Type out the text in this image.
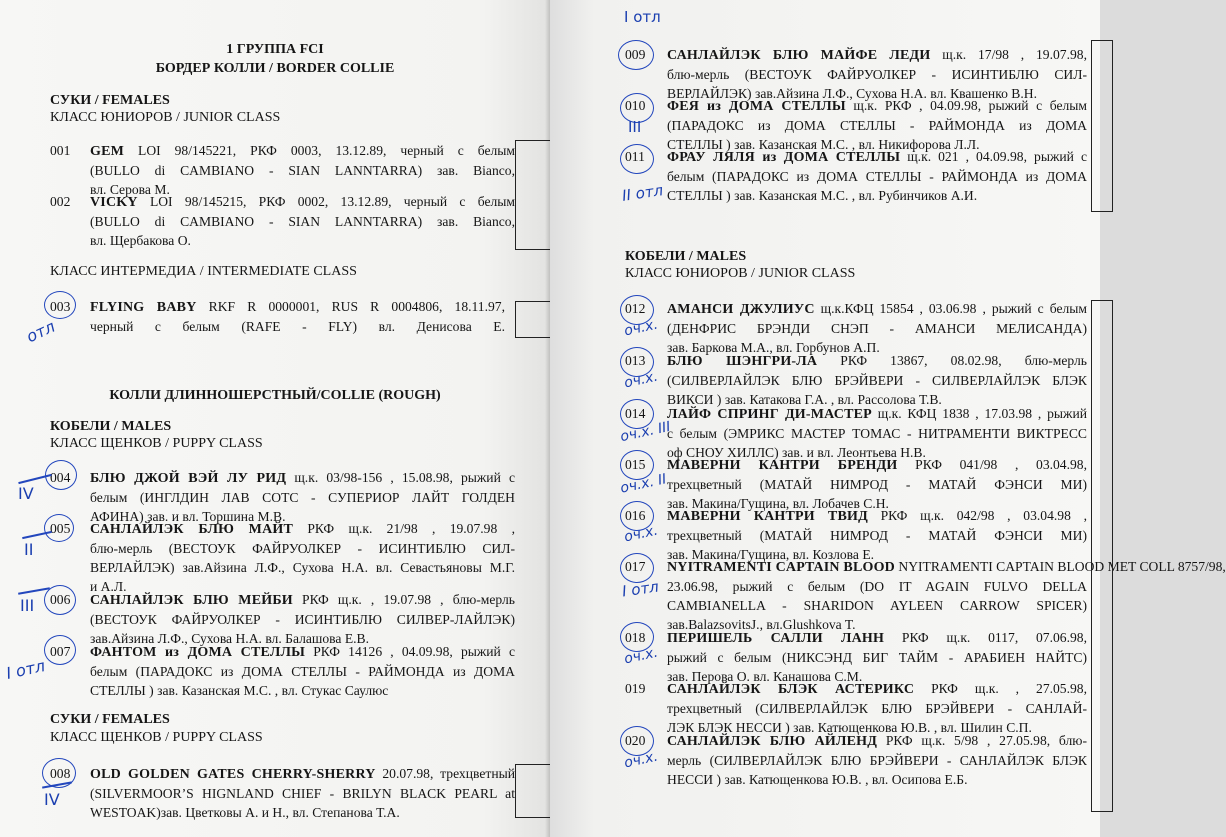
1 ГРУППА FCI
БОРДЕР КОЛЛИ / BORDER COLLIE
СУКИ / FEMALES
КЛАСС ЮНИОРОВ / JUNIOR CLASS
001	GEM LOI 98/145221, РКФ 0003, 13.12.89, черный с белым
(BULLO di CAMBIANO - SIAN LANNTARRA) зав. Bianco,
вл. Серова М.
002	VICKY LOI 98/145215, РКФ 0002, 13.12.89, черный с белым
(BULLO di CAMBIANO - SIAN LANNTARRA) зав. Bianco,
вл. Щербакова О.
КЛАСС ИНТЕРМЕДИА / INTERMEDIATE CLASS
003	FLYING BABY RKF R 0000001, RUS R 0004806, 18.11.97,
черный с белым (RAFE - FLY) вл. Денисова Е.
КОЛЛИ ДЛИННОШЕРСТНЫЙ/COLLIE (ROUGH)
КОБЕЛИ / MALES
КЛАСС ЩЕНКОВ / PUPPY CLASS
004	БЛЮ ДЖОЙ ВЭЙ ЛУ РИД щ.к. 03/98-156 , 15.08.98, рыжий с
белым (ИНГЛДИН ЛАВ СОТС - СУПЕРИОР ЛАЙТ ГОЛДЕН
АФИНА) зав. и вл. Торшина М.В.
005	САНЛАЙЛЭК БЛЮ МАЙТ РКФ щ.к. 21/98 , 19.07.98 ,
блю-мерль (ВЕСТОУК ФАЙРУОЛКЕР - ИСИНТИБЛЮ СИЛ-
ВЕРЛАЙЛЭК) зав.Айзина Л.Ф., Сухова Н.А. вл. Севастьяновы М.Г.
и А.Л.
006	САНЛАЙЛЭК БЛЮ МЕЙБИ РКФ щ.к. , 19.07.98 , блю-мерль
(ВЕСТОУК ФАЙРУОЛКЕР - ИСИНТИБЛЮ СИЛВЕР-ЛАЙЛЭК)
зав.Айзина Л.Ф., Сухова Н.А. вл. Балашова Е.В.
007	ФАНТОМ из ДОМА СТЕЛЛЫ РКФ 14126 , 04.09.98, рыжий с
белым (ПАРАДОКС из ДОМА СТЕЛЛЫ - РАЙМОНДА из ДОМА
СТЕЛЛЫ ) зав. Казанская М.С. , вл. Стукас Саулюс
СУКИ / FEMALES
КЛАСС ЩЕНКОВ / PUPPY CLASS
008	OLD GOLDEN GATES CHERRY-SHERRY 20.07.98, трехцветный
(SILVERMOOR’S HIGNLAND CHIEF - BRILYN BLACK PEARL at
WESTOAK)зав. Цветковы А. и Н., вл. Степанова Т.А.
отл
IV
II
III
I отл
IV
009	САНЛАЙЛЭК БЛЮ МАЙФЕ ЛЕДИ щ.к. 17/98 , 19.07.98,
блю-мерль (ВЕСТОУК ФАЙРУОЛКЕР - ИСИНТИБЛЮ СИЛ-
ВЕРЛАЙЛЭК) зав.Айзина Л.Ф., Сухова Н.А. вл. Квашенко В.Н.
010	ФЕЯ из ДОМА СТЕЛЛЫ щ.к. РКФ , 04.09.98, рыжий с белым
(ПАРАДОКС из ДОМА СТЕЛЛЫ - РАЙМОНДА из ДОМА
СТЕЛЛЫ ) зав. Казанская М.С. , вл. Никифорова Л.Л.
011	ФРАУ ЛЯЛЯ из ДОМА СТЕЛЛЫ щ.к. 021 , 04.09.98, рыжий с
белым (ПАРАДОКС из ДОМА СТЕЛЛЫ - РАЙМОНДА из ДОМА
СТЕЛЛЫ ) зав. Казанская М.С. , вл. Рубинчиков А.И.
КОБЕЛИ / MALES
КЛАСС ЮНИОРОВ / JUNIOR CLASS
012	АМАНСИ ДЖУЛИУС щ.к.КФЦ 15854 , 03.06.98 , рыжий с белым
(ДЕНФРИС БРЭНДИ СНЭП - АМАНСИ МЕЛИСАНДА)
зав. Баркова М.А., вл. Горбунов А.П.
013	БЛЮ ШЭНГРИ-ЛА РКФ 13867, 08.02.98, блю-мерль
(СИЛВЕРЛАЙЛЭК БЛЮ БРЭЙВЕРИ - СИЛВЕРЛАЙЛЭК БЛЭК
ВИКСИ ) зав. Катакова Г.А. , вл. Рассолова Т.В.
014	ЛАЙФ СПРИНГ ДИ-МАСТЕР щ.к. КФЦ 1838 , 17.03.98 , рыжий
с белым (ЭМРИКС МАСТЕР ТОМАС - НИТРАМЕНТИ ВИКТРЕСС
оф СНОУ ХИЛЛС) зав. и вл. Леонтьева Н.В.
015	МАВЕРНИ КАНТРИ БРЕНДИ РКФ 041/98 , 03.04.98,
трехцветный (МАТАЙ НИМРОД - МАТАЙ ФЭНСИ МИ)
зав. Макина/Гущина, вл. Лобачев С.Н.
016	МАВЕРНИ КАНТРИ ТВИД РКФ щ.к. 042/98 , 03.04.98 ,
трехцветный (МАТАЙ НИМРОД - МАТАЙ ФЭНСИ МИ)
зав. Макина/Гущина, вл. Козлова Е.
017	NYITRAMENTI CAPTAIN BLOOD NYITRAMENTI CAPTAIN BLOOD MET COLL 8757/98,
23.06.98, рыжий с белым (DO IT AGAIN FULVO DELLA
CAMBIANELLA - SHARIDON AYLEEN CARROW SPICER)
зав.BalazsovitsJ., вл.Glushkova T.
018	ПЕРИШЕЛЬ САЛЛИ ЛАНН РКФ щ.к. 0117, 07.06.98,
рыжий с белым (НИКСЭНД БИГ ТАЙМ - АРАБИЕН НАЙТС)
зав. Перова О. вл. Канашова С.М.
019	САНЛАЙЛЭК БЛЭК АСТЕРИКС РКФ щ.к. , 27.05.98,
трехцветный (СИЛВЕРЛАЙЛЭК БЛЮ БРЭЙВЕРИ - САНЛАЙ-
ЛЭК БЛЭК НЕССИ ) зав. Катющенкова Ю.В. , вл. Шилин С.П.
020	САНЛАЙЛЭК БЛЮ АЙЛЕНД РКФ щ.к. 5/98 , 27.05.98, блю-
мерль (СИЛВЕРЛАЙЛЭК БЛЮ БРЭЙВЕРИ - САНЛАЙЛЭК БЛЭК
НЕССИ ) зав. Катющенкова Ю.В. , вл. Осипова Е.Б.
I отл
III
II отл
оч.х.
оч.х.
оч.х. III
оч.х. II
оч.х.
I отл
оч.х.
оч.х.
